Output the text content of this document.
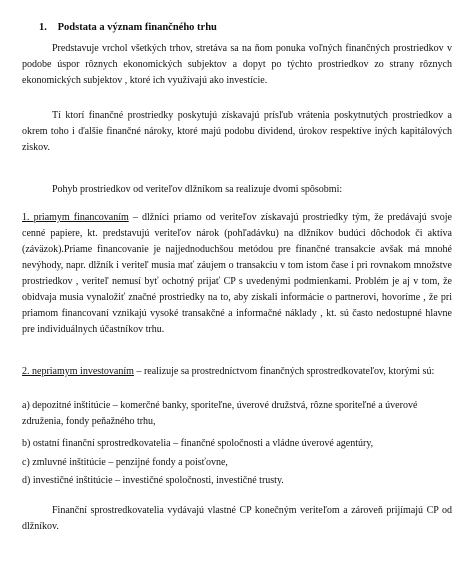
1. Podstata a význam finančného trhu

Predstavuje vrchol všetkých trhov, stretáva sa na ňom ponuka voľných finančných prostriedkov v podobe úspor rôznych ekonomických subjektov a dopyt po týchto prostriedkov zo strany rôznych ekonomických subjektov , ktoré ich využívajú ako investície.

Tí ktorí finančné prostriedky poskytujú získavajú prísľub vrátenia poskytnutých prostriedkov a okrem toho i ďalšie finančné nároky, ktoré majú podobu dividend, úrokov respektíve iných kapitálových ziskov.

Pohyb prostriedkov od veriteľov dlžníkom sa realizuje dvomi spôsobmi:

1. priamym financovaním – dlžníci priamo od veriteľov získavajú prostriedky tým, že predávajú svoje cenné papiere, kt. predstavujú veriteľov nárok (pohľadávku) na dlžníkov budúci dôchodok či aktíva (záväzok).Priame financovanie je najjednoduchšou metódou pre finančné transakcie avšak má mnohé nevýhody, napr. dlžník i veriteľ musia mať záujem o transakciu v tom istom čase i pri rovnakom množstve prostriedkov , veriteľ nemusí byť ochotný prijať CP s uvedenými podmienkami. Problém je aj v tom, že obidvaja musia vynaložiť značné prostriedky na to, aby získali informácie o partnerovi, hovoríme , že pri priamom financovaní vznikajú vysoké transakčné a informačné náklady , kt. sú často nedostupné hlavne pre individuálnych účastníkov trhu.

2. nepriamym investovaním – realizuje sa prostredníctvom finančných sprostredkovateľov, ktorými sú:

a) depozitné inštitúcie – komerčné banky, sporiteľne, úverové družstvá, rôzne sporiteľné a úverové združenia, fondy peňažného trhu,

b) ostatní finanční sprostredkovatelia – finančné spoločnosti a vládne úverové agentúry,

c) zmluvné inštitúcie – penzijné fondy a poisťovne,

d) investičné inštitúcie – investičné spoločnosti, investičné trusty.

Finanční sprostredkovatelia vydávajú vlastné CP konečným veriteľom a zároveň prijímajú CP od dlžníkov.
